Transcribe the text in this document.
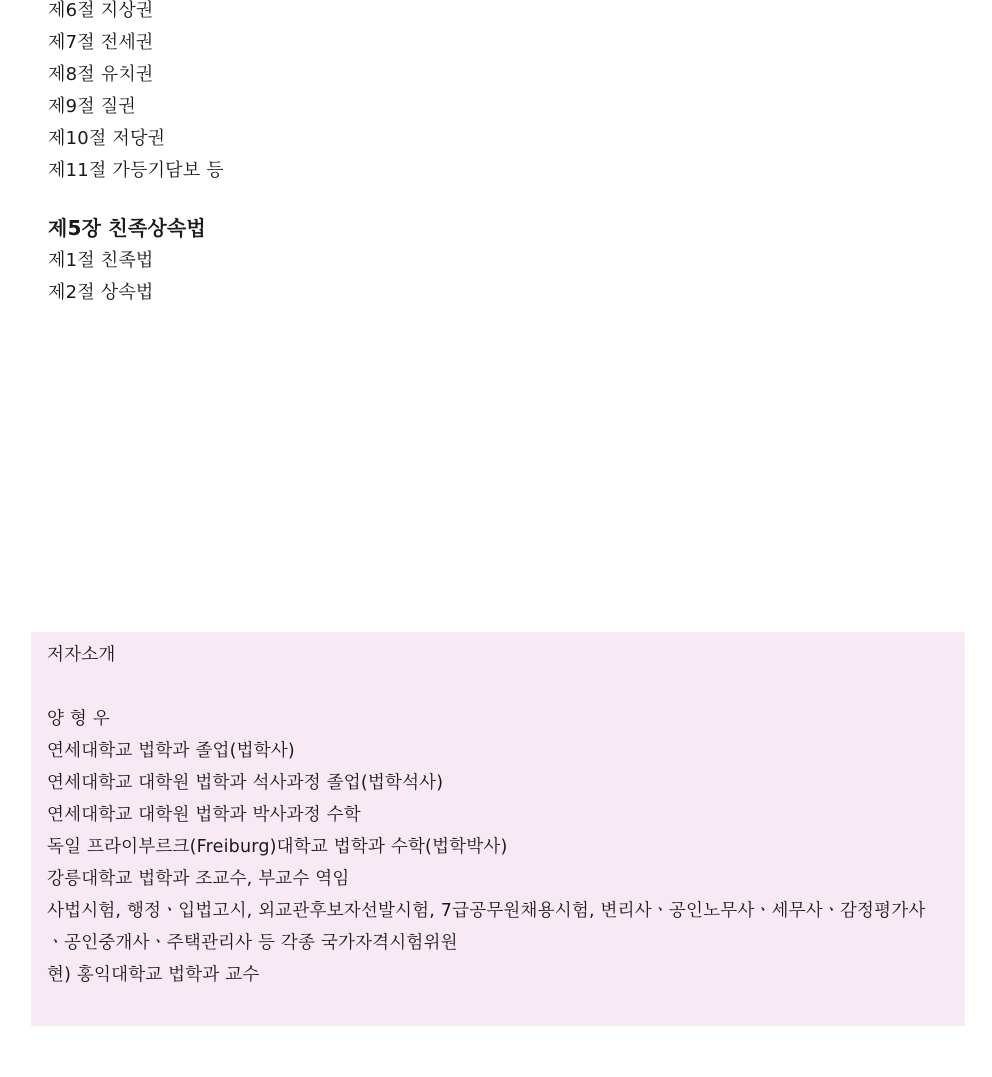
제6절 지상권
제7절 전세권
제8절 유치권
제9절 질권
제10절 저당권
제11절 가등기담보 등
제5장 친족상속법
제1절 친족법
제2절 상속법
저자소개
양 형 우
연세대학교 법학과 졸업(법학사)
연세대학교 대학원 법학과 석사과정 졸업(법학석사)
연세대학교 대학원 법학과 박사과정 수학
독일 프라이부르크(Freiburg)대학교 법학과 수학(법학박사)
강릉대학교 법학과 조교수, 부교수 역임
사법시험, 행정ㆍ입법고시, 외교관후보자선발시험, 7급공무원채용시험, 변리사ㆍ공인노무사ㆍ세무사ㆍ감정평가사
ㆍ공인중개사ㆍ주택관리사 등 각종 국가자격시험위원
현) 홍익대학교 법학과 교수
